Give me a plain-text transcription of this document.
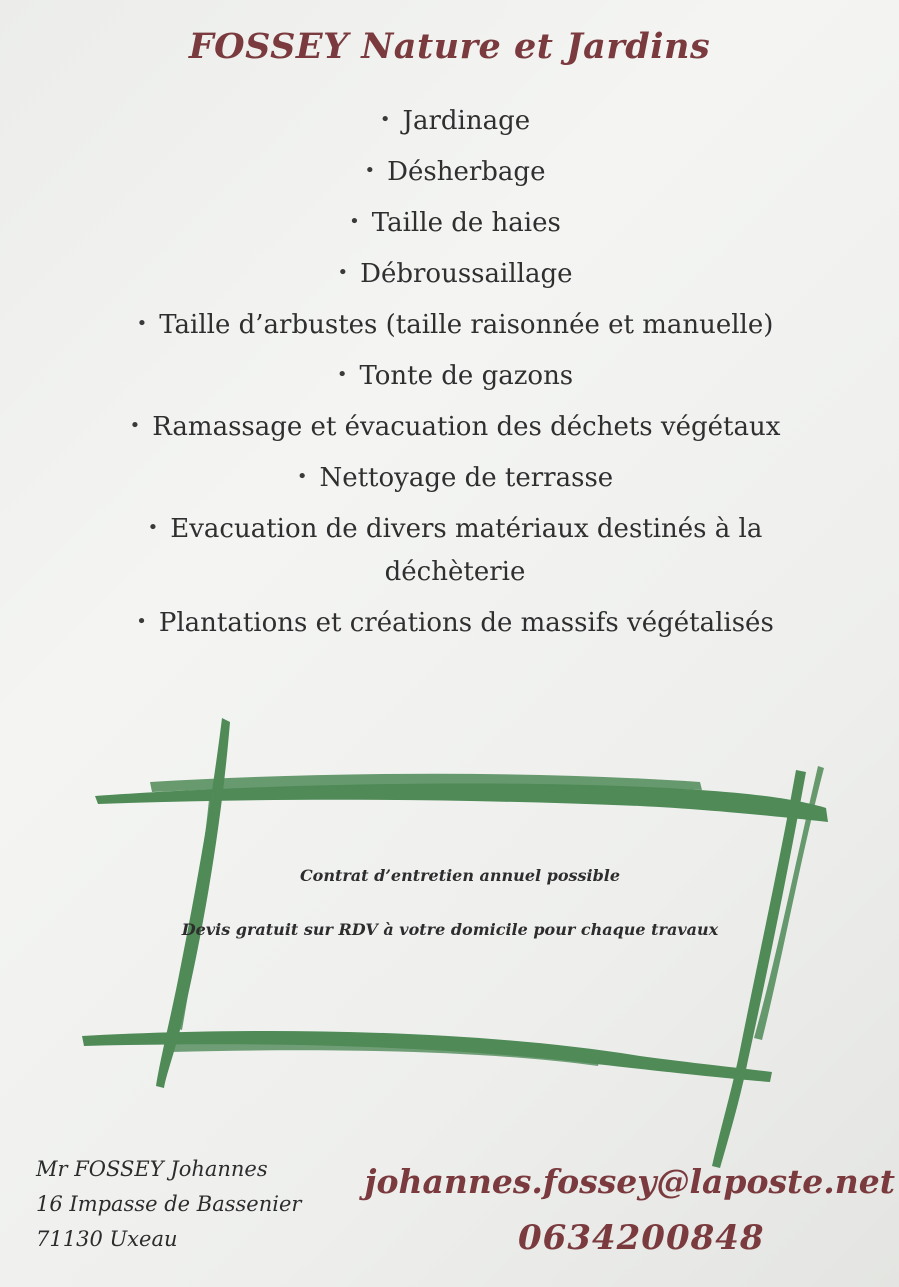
FOSSEY Nature et Jardins
• Jardinage
• Désherbage
• Taille de haies
• Débroussaillage
• Taille d’arbustes (taille raisonnée et manuelle)
• Tonte de gazons
• Ramassage et évacuation des déchets végétaux
• Nettoyage de terrasse
• Evacuation de divers matériaux destinés à la déchèterie
• Plantations et créations de massifs végétalisés

Contrat d’entretien annuel possible

Devis gratuit sur RDV à votre domicile pour chaque travaux

Mr FOSSEY Johannes
16 Impasse de Bassenier
71130 Uxeau
johannes.fossey@laposte.net
0634200848
